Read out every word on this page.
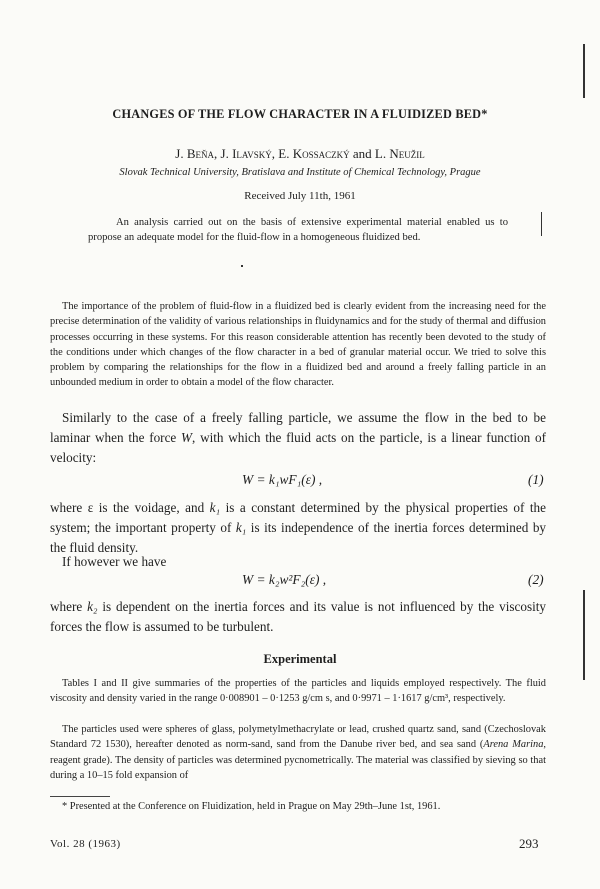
CHANGES OF THE FLOW CHARACTER IN A FLUIDIZED BED*
J. Beňa, J. Ilavský, E. Kossaczký and L. Neužil
Slovak Technical University, Bratislava and Institute of Chemical Technology, Prague
Received July 11th, 1961
An analysis carried out on the basis of extensive experimental material enabled us to propose an adequate model for the fluid-flow in a homogeneous fluidized bed.
The importance of the problem of fluid-flow in a fluidized bed is clearly evident from the increasing need for the precise determination of the validity of various relationships in fluidynamics and for the study of thermal and diffusion processes occurring in these systems. For this reason considerable attention has recently been devoted to the study of the conditions under which changes of the flow character in a bed of granular material occur. We tried to solve this problem by comparing the relationships for the flow in a fluidized bed and around a freely falling particle in an unbounded medium in order to obtain a model of the flow character.
Similarly to the case of a freely falling particle, we assume the flow in the bed to be laminar when the force W, with which the fluid acts on the particle, is a linear function of velocity:
W = k₁wF₁(ε) ,	(1)
where ε is the voidage, and k₁ is a constant determined by the physical properties of the system; the important property of k₁ is its independence of the inertia forces determined by the fluid density.
If however we have
W = k₂w²F₂(ε) ,	(2)
where k₂ is dependent on the inertia forces and its value is not influenced by the viscosity forces the flow is assumed to be turbulent.
Experimental
Tables I and II give summaries of the properties of the particles and liquids employed respectively. The fluid viscosity and density varied in the range 0·008901 – 0·1253 g/cm s, and 0·9971 – 1·1617 g/cm³, respectively.
The particles used were spheres of glass, polymetylmethacrylate or lead, crushed quartz sand, sand (Czechoslovak Standard 72 1530), hereafter denoted as norm-sand, sand from the Danube river bed, and sea sand (Arena Marina, reagent grade). The density of particles was determined pycnometrically. The material was classified by sieving so that during a 10–15 fold expansion of
* Presented at the Conference on Fluidization, held in Prague on May 29th–June 1st, 1961.
Vol. 28 (1963)	293
